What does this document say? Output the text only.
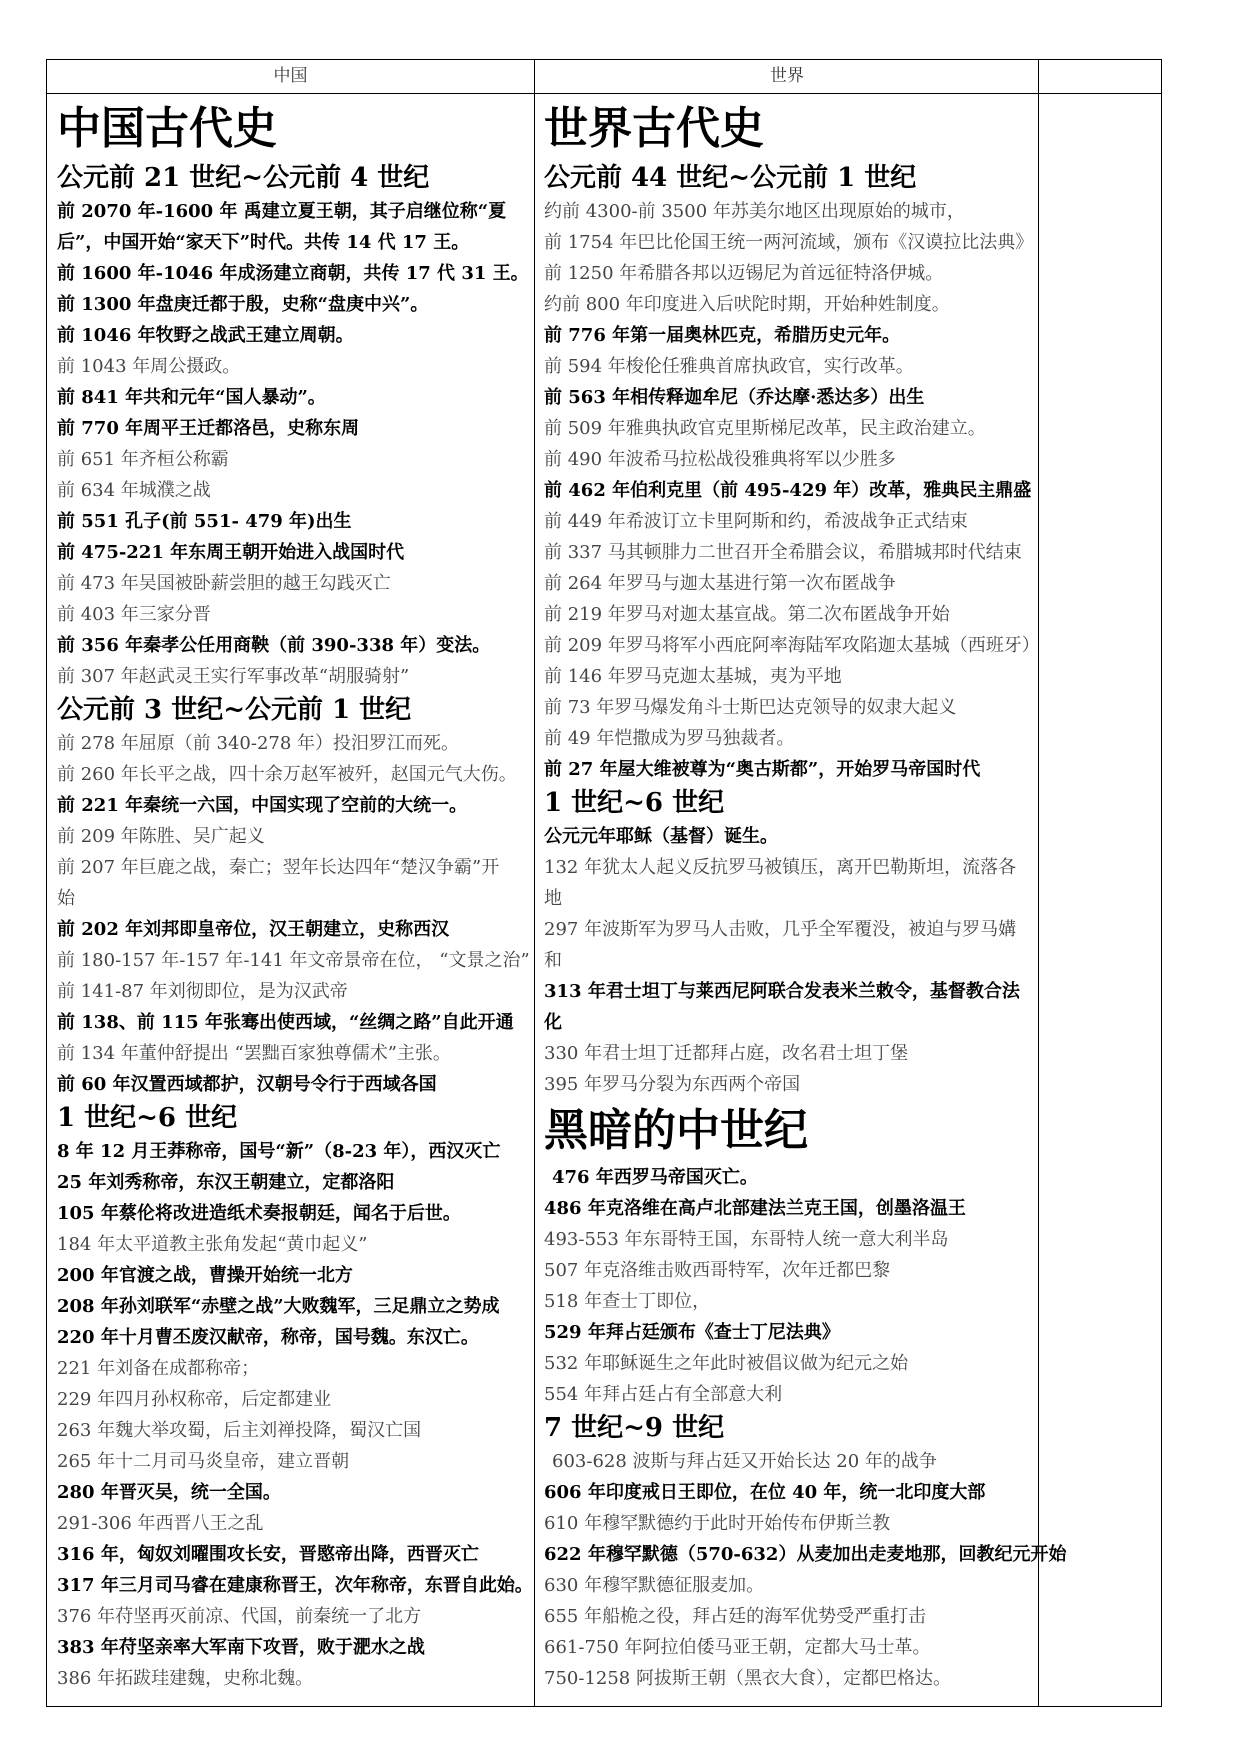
中国	世界
中国古代史
公元前 21 世纪~公元前 4 世纪
前 2070 年-1600 年 禹建立夏王朝，其子启继位称“夏
后”，中国开始“家天下”时代。共传 14 代 17 王。
前 1600 年-1046 年成汤建立商朝，共传 17 代 31 王。
前 1300 年盘庚迁都于殷，史称“盘庚中兴”。
前 1046 年牧野之战武王建立周朝。
前 1043 年周公摄政。
前 841 年共和元年“国人暴动”。
前 770 年周平王迁都洛邑，史称东周
前 651 年齐桓公称霸
前 634 年城濮之战
前 551 孔子(前 551- 479 年)出生
前 475-221 年东周王朝开始进入战国时代
前 473 年吴国被卧薪尝胆的越王勾践灭亡
前 403 年三家分晋
前 356 年秦孝公任用商鞅（前 390-338 年）变法。
前 307 年赵武灵王实行军事改革“胡服骑射”
公元前 3 世纪~公元前 1 世纪
前 278 年屈原（前 340-278 年）投汨罗江而死。
前 260 年长平之战，四十余万赵军被歼，赵国元气大伤。
前 221 年秦统一六国，中国实现了空前的大统一。
前 209 年陈胜、吴广起义
前 207 年巨鹿之战，秦亡；翌年长达四年“楚汉争霸”开
始
前 202 年刘邦即皇帝位，汉王朝建立，史称西汉
前 180-157 年-157 年-141 年文帝景帝在位， “文景之治”
前 141-87 年刘彻即位，是为汉武帝
前 138、前 115 年张骞出使西域，“丝绸之路”自此开通
前 134 年董仲舒提出 “罢黜百家独尊儒术”主张。
前 60 年汉置西域都护，汉朝号令行于西域各国
1 世纪~6 世纪
8 年 12 月王莽称帝，国号“新”（8-23 年），西汉灭亡
25 年刘秀称帝，东汉王朝建立，定都洛阳
105 年蔡伦将改进造纸术奏报朝廷，闻名于后世。
184 年太平道教主张角发起“黄巾起义”
200 年官渡之战，曹操开始统一北方
208 年孙刘联军“赤壁之战”大败魏军，三足鼎立之势成
220 年十月曹丕废汉献帝，称帝，国号魏。东汉亡。
221 年刘备在成都称帝；
229 年四月孙权称帝，后定都建业
263 年魏大举攻蜀，后主刘禅投降，蜀汉亡国
265 年十二月司马炎皇帝，建立晋朝
280 年晋灭吴，统一全国。
291-306 年西晋八王之乱
316 年，匈奴刘曜围攻长安，晋愍帝出降，西晋灭亡
317 年三月司马睿在建康称晋王，次年称帝，东晋自此始。
376 年苻坚再灭前凉、代国，前秦统一了北方
383 年苻坚亲率大军南下攻晋，败于淝水之战
386 年拓跋珪建魏，史称北魏。
世界古代史
公元前 44 世纪~公元前 1 世纪
约前 4300-前 3500 年苏美尔地区出现原始的城市，
前 1754 年巴比伦国王统一两河流域，颁布《汉谟拉比法典》
前 1250 年希腊各邦以迈锡尼为首远征特洛伊城。
约前 800 年印度进入后吠陀时期，开始种姓制度。
前 776 年第一届奥林匹克，希腊历史元年。
前 594 年梭伦任雅典首席执政官，实行改革。
前 563 年相传释迦牟尼（乔达摩·悉达多）出生
前 509 年雅典执政官克里斯梯尼改革，民主政治建立。
前 490 年波希马拉松战役雅典将军以少胜多
前 462 年伯利克里（前 495-429 年）改革，雅典民主鼎盛
前 449 年希波订立卡里阿斯和约，希波战争正式结束
前 337 马其顿腓力二世召开全希腊会议，希腊城邦时代结束
前 264 年罗马与迦太基进行第一次布匿战争
前 219 年罗马对迦太基宣战。第二次布匿战争开始
前 209 年罗马将军小西庇阿率海陆军攻陷迦太基城（西班牙）
前 146 年罗马克迦太基城，夷为平地
前 73 年罗马爆发角斗士斯巴达克领导的奴隶大起义
前 49 年恺撒成为罗马独裁者。
前 27 年屋大维被尊为“奥古斯都”，开始罗马帝国时代
1 世纪~6 世纪
公元元年耶稣（基督）诞生。
132 年犹太人起义反抗罗马被镇压，离开巴勒斯坦，流落各
地
297 年波斯军为罗马人击败，几乎全军覆没，被迫与罗马媾
和
313 年君士坦丁与莱西尼阿联合发表米兰敕令，基督教合法
化
330 年君士坦丁迁都拜占庭，改名君士坦丁堡
395 年罗马分裂为东西两个帝国
黑暗的中世纪
476 年西罗马帝国灭亡。
486 年克洛维在高卢北部建法兰克王国，创墨洛温王
493-553 年东哥特王国，东哥特人统一意大利半岛
507 年克洛维击败西哥特军，次年迁都巴黎
518 年查士丁即位，
529 年拜占廷颁布《查士丁尼法典》
532 年耶稣诞生之年此时被倡议做为纪元之始
554 年拜占廷占有全部意大利
7 世纪~9 世纪
603-628 波斯与拜占廷又开始长达 20 年的战争
606 年印度戒日王即位，在位 40 年，统一北印度大部
610 年穆罕默德约于此时开始传布伊斯兰教
622 年穆罕默德（570-632）从麦加出走麦地那，回教纪元开始
630 年穆罕默德征服麦加。
655 年船桅之役，拜占廷的海军优势受严重打击
661-750 年阿拉伯倭马亚王朝，定都大马士革。
750-1258 阿拔斯王朝（黑衣大食），定都巴格达。
